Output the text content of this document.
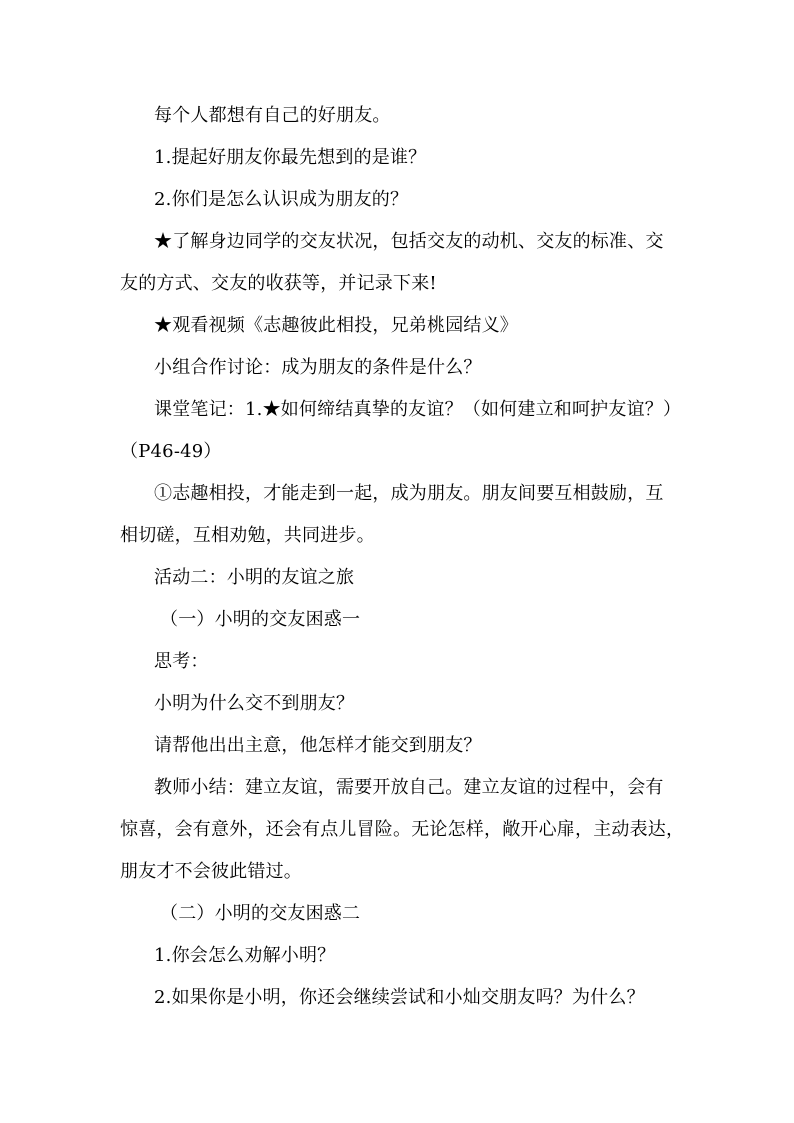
每个人都想有自己的好朋友。
1.提起好朋友你最先想到的是谁？
2.你们是怎么认识成为朋友的？
★了解身边同学的交友状况，包括交友的动机、交友的标准、交
友的方式、交友的收获等，并记录下来!
★观看视频《志趣彼此相投，兄弟桃园结义》
小组合作讨论：成为朋友的条件是什么？
课堂笔记：1.★如何缔结真挚的友谊？（如何建立和呵护友谊？）
（P46-49）
①志趣相投，才能走到一起，成为朋友。朋友间要互相鼓励，互
相切磋，互相劝勉，共同进步。
活动二：小明的友谊之旅
（一）小明的交友困惑一
思考：
小明为什么交不到朋友？
请帮他出出主意，他怎样才能交到朋友？
教师小结：建立友谊，需要开放自己。建立友谊的过程中，会有
惊喜，会有意外，还会有点儿冒险。无论怎样，敞开心扉，主动表达，
朋友才不会彼此错过。
（二）小明的交友困惑二
1.你会怎么劝解小明？
2.如果你是小明，你还会继续尝试和小灿交朋友吗？为什么？
